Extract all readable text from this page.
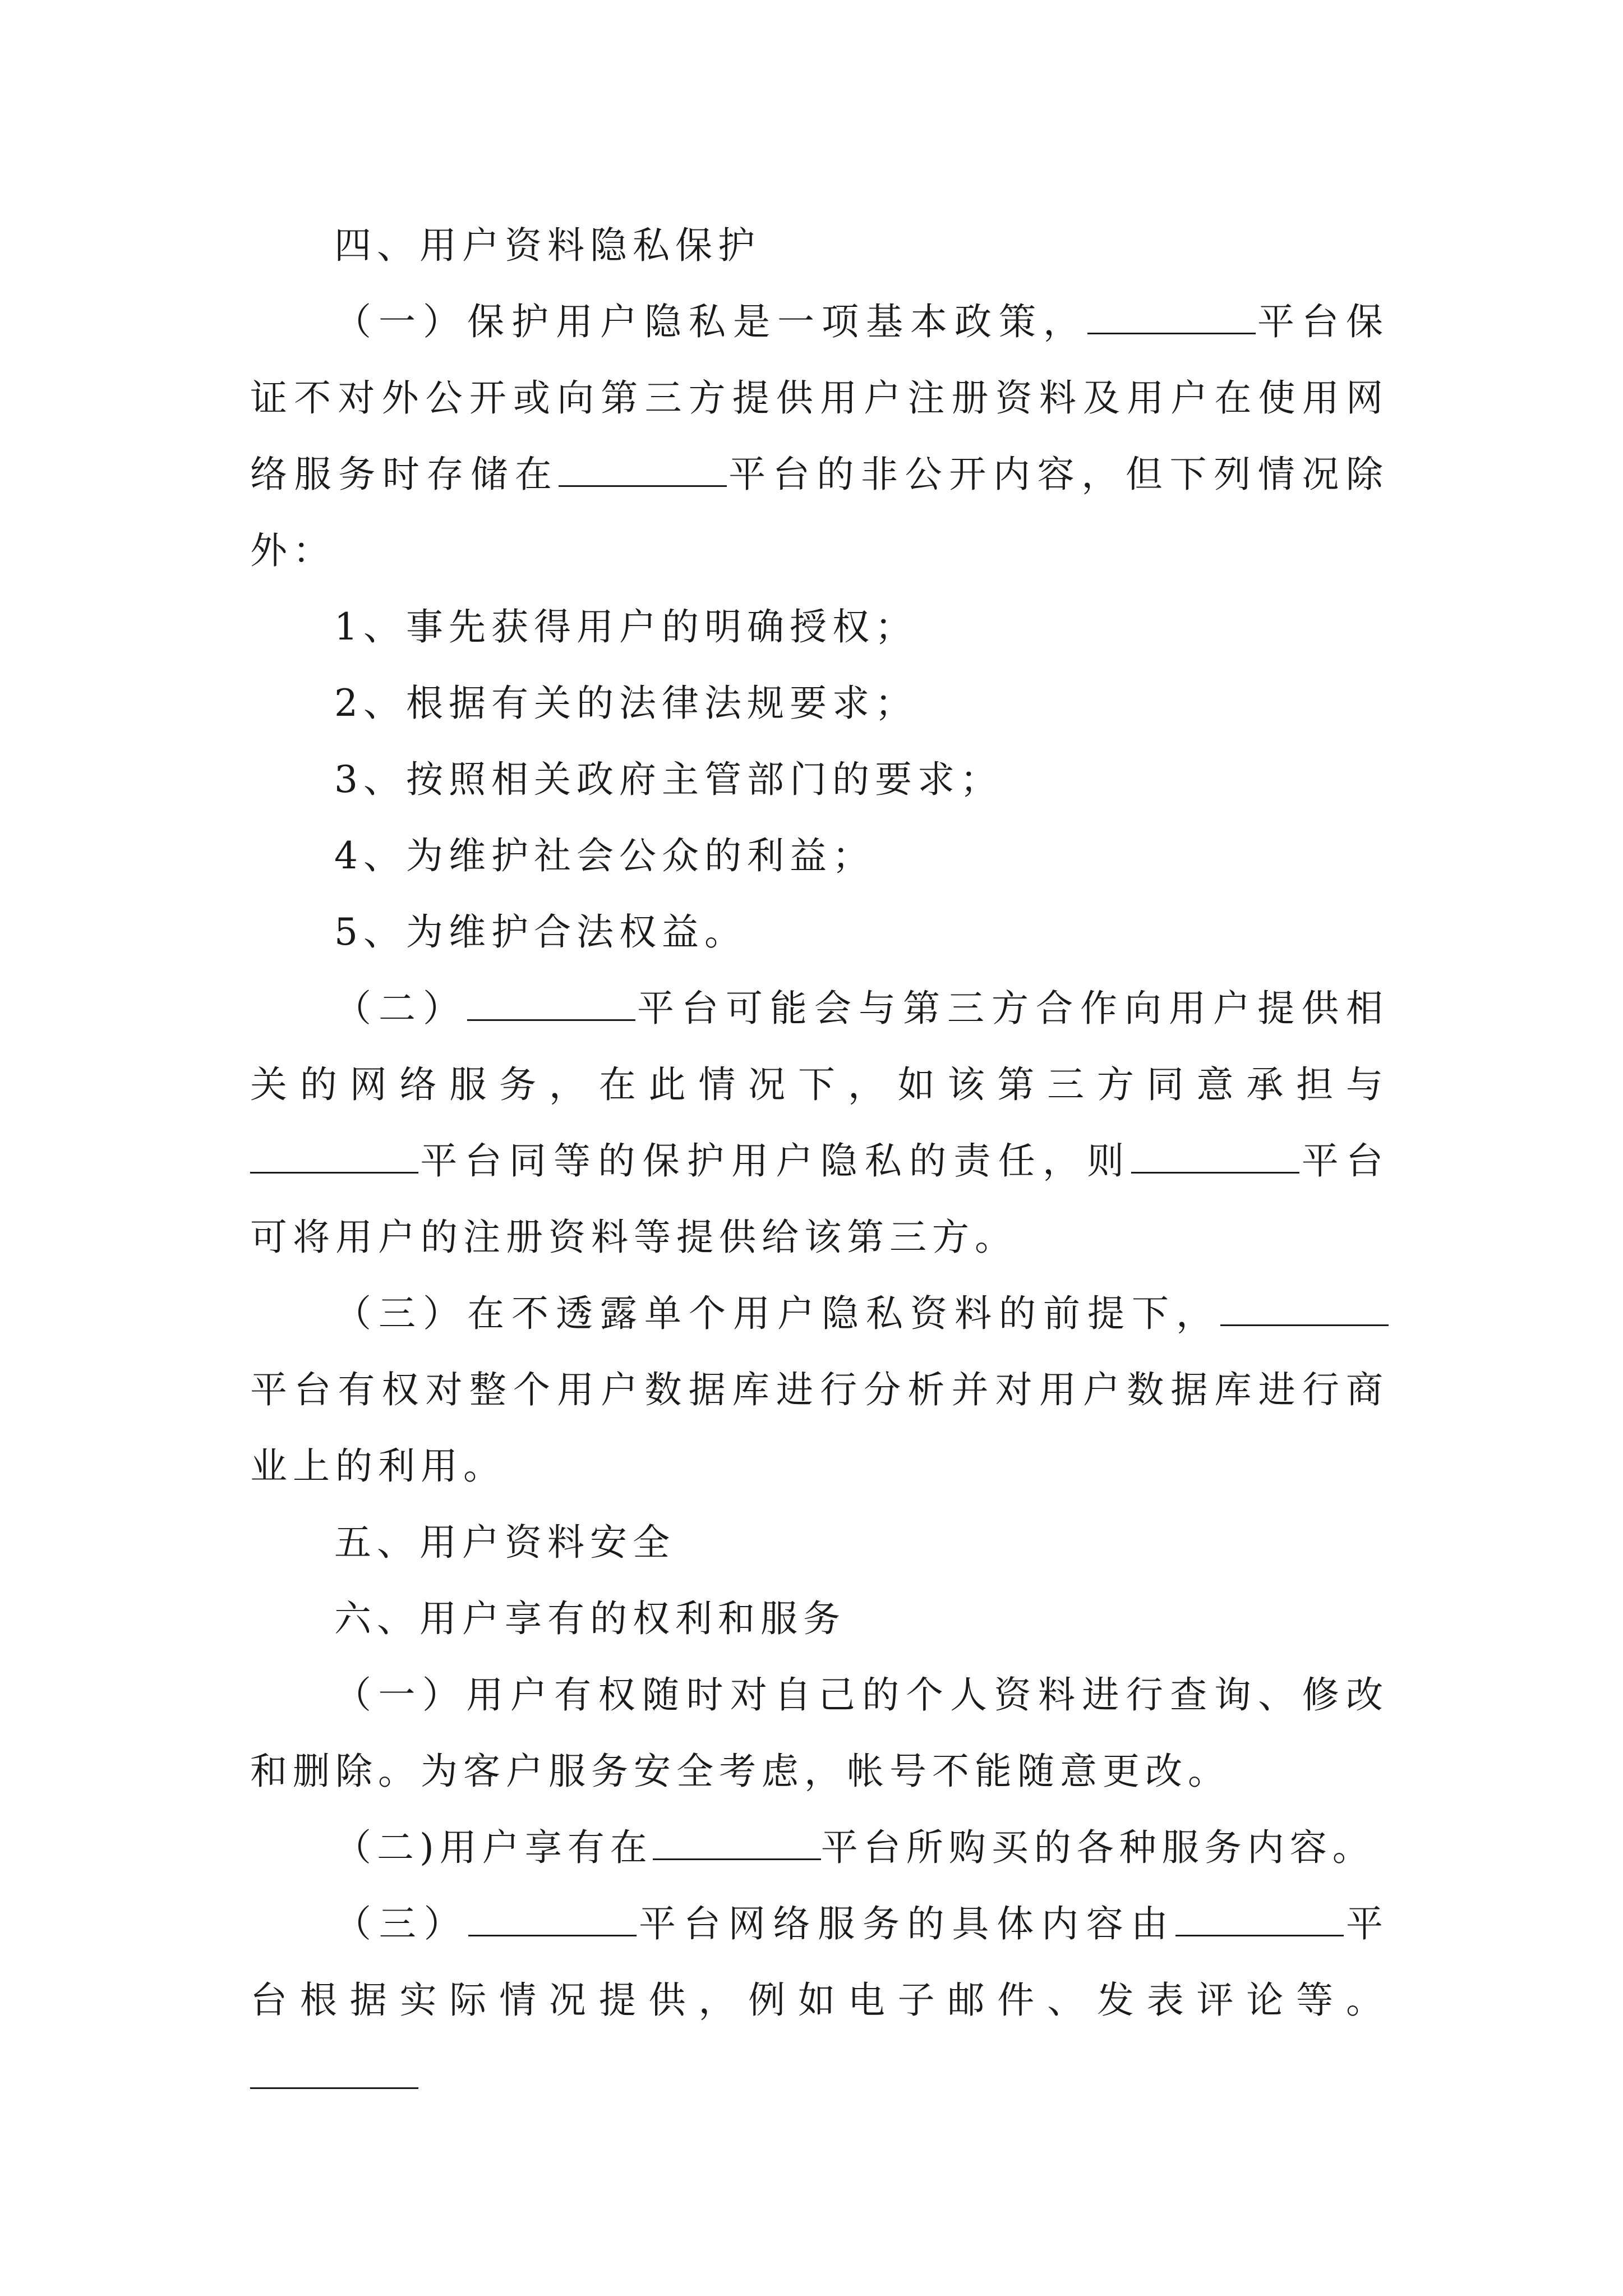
四、用户资料隐私保护

（一）保护用户隐私是一项基本政策，	平台保证不对外公开或向第三方提供用户注册资料及用户在使用网络服务时存储在	平台的非公开内容，但下列情况除外：

1、事先获得用户的明确授权；

2、根据有关的法律法规要求；

3、按照相关政府主管部门的要求；

4、为维护社会公众的利益；

5、为维护合法权益。

（二）	平台可能会与第三方合作向用户提供相关的网络服务，在此情况下，如该第三方同意承担与平台同等的保护用户隐私的责任，则	平台可将用户的注册资料等提供给该第三方。

（三）在不透露单个用户隐私资料的前提下，平台有权对整个用户数据库进行分析并对用户数据库进行商业上的利用。

五、用户资料安全

六、用户享有的权利和服务

（一）用户有权随时对自己的个人资料进行查询、修改和删除。为客户服务安全考虑，帐号不能随意更改。

（二)用户享有在	平台所购买的各种服务内容。

（三）	平台网络服务的具体内容由	平台根据实际情况提供，例如电子邮件、发表评论等。
